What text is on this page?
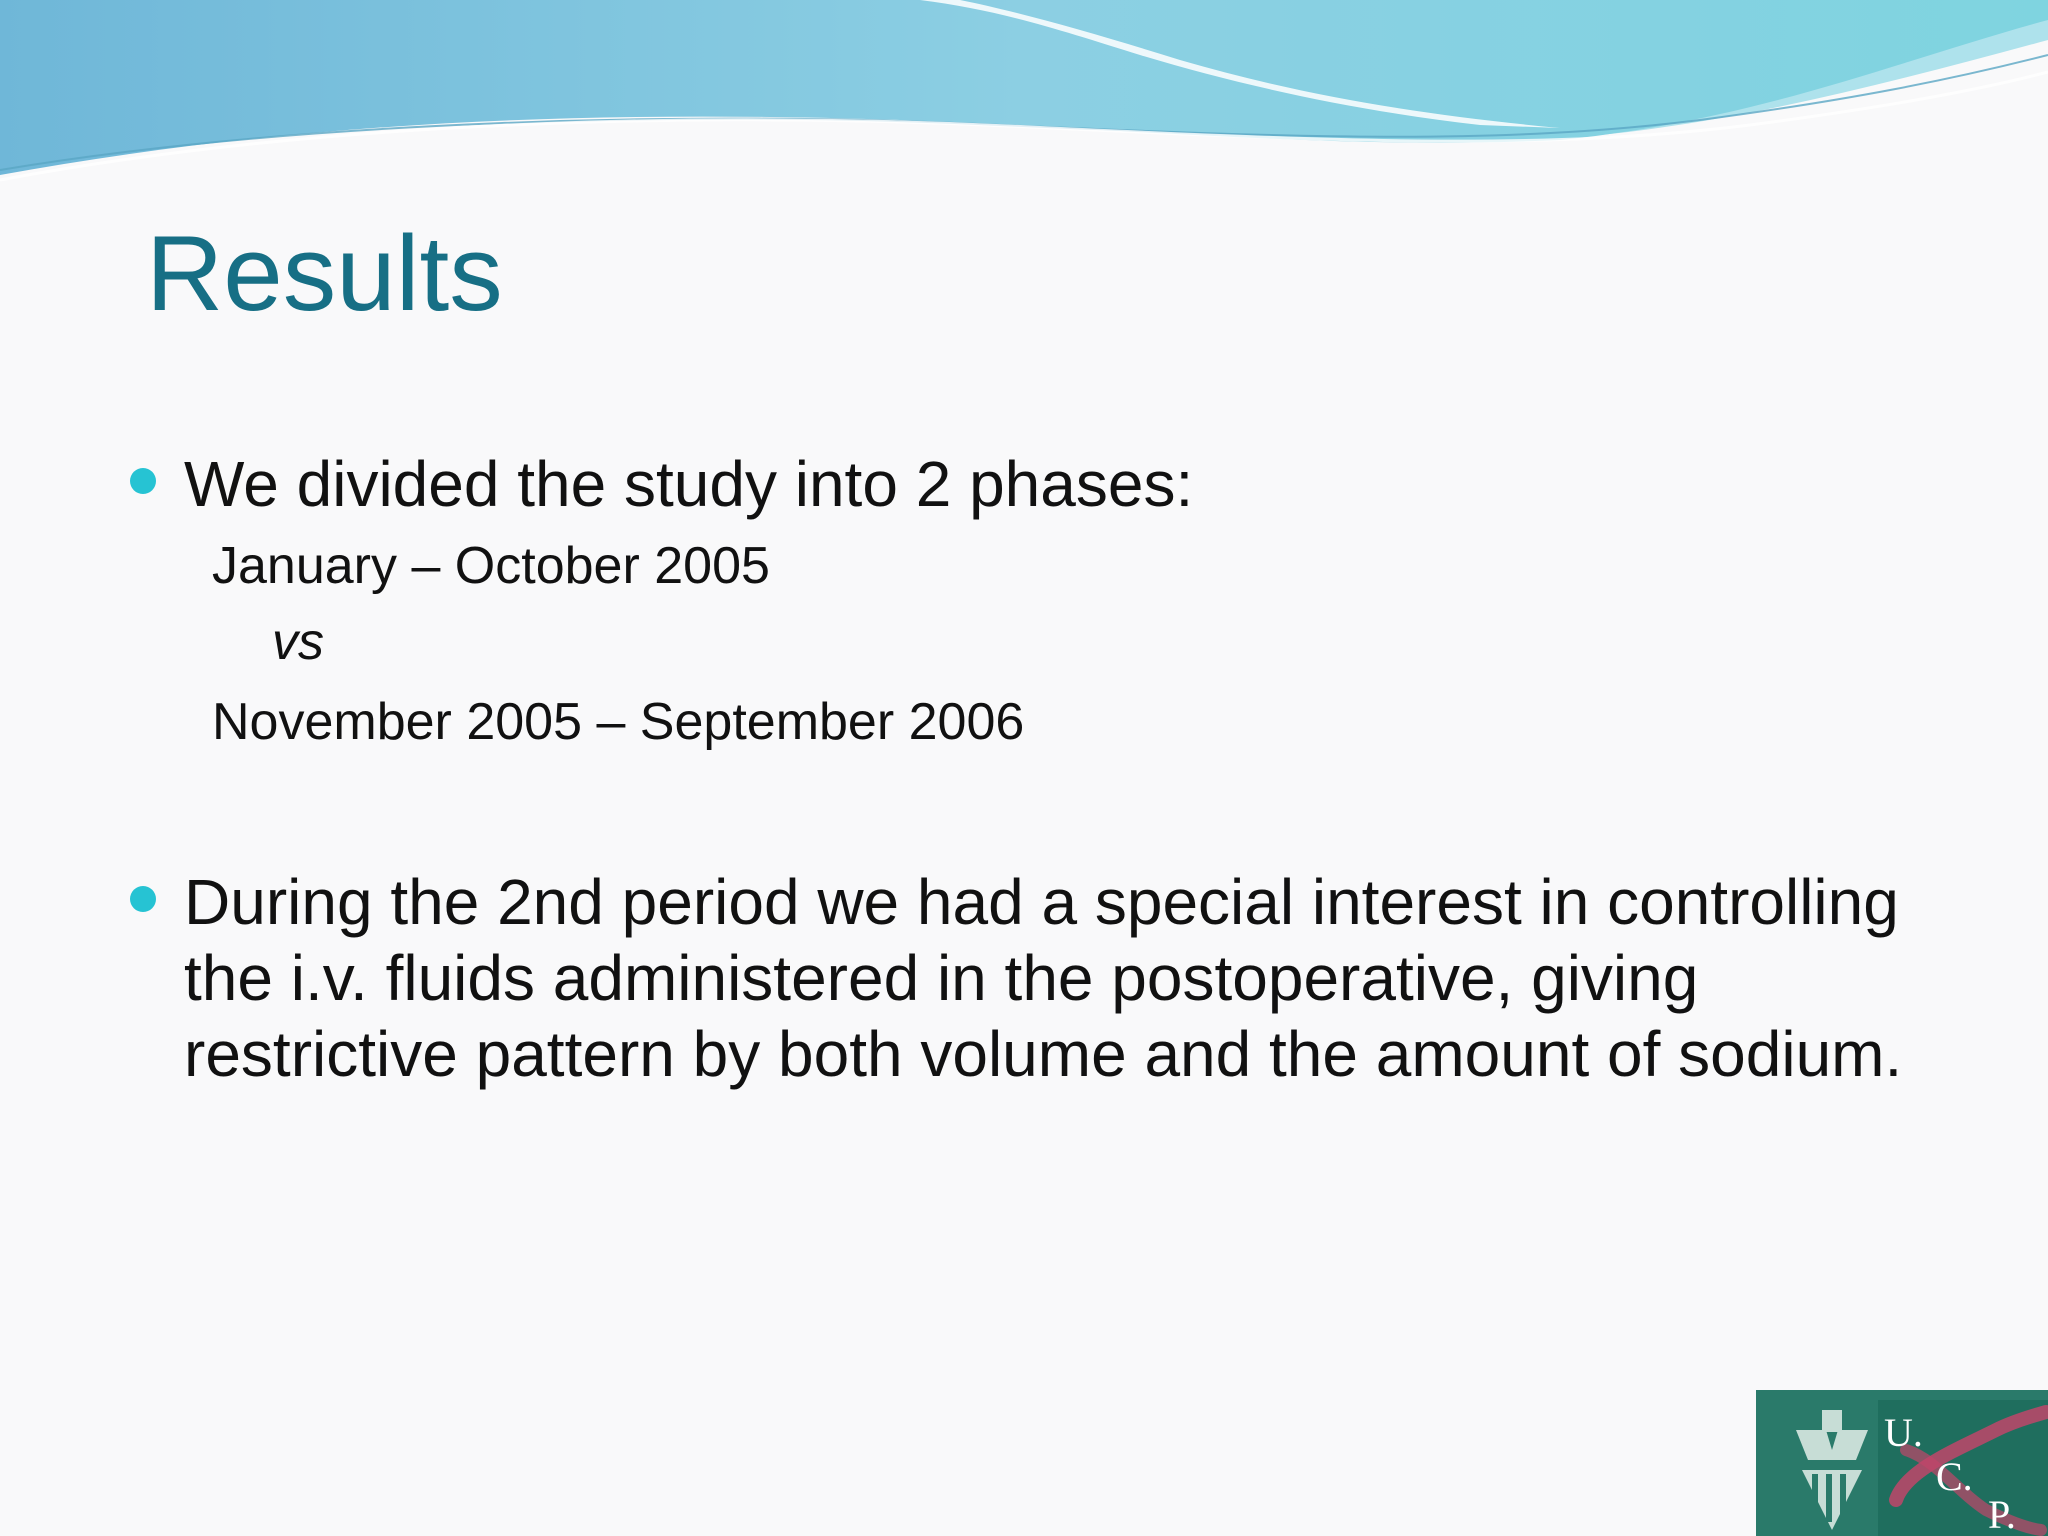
Results
We divided the study into 2 phases:
January – October 2005
vs
November 2005 – September 2006
During the 2nd period we had a special interest in controlling the i.v. fluids administered in the postoperative, giving restrictive pattern by both volume and the amount of sodium.
U.
C.
P.
